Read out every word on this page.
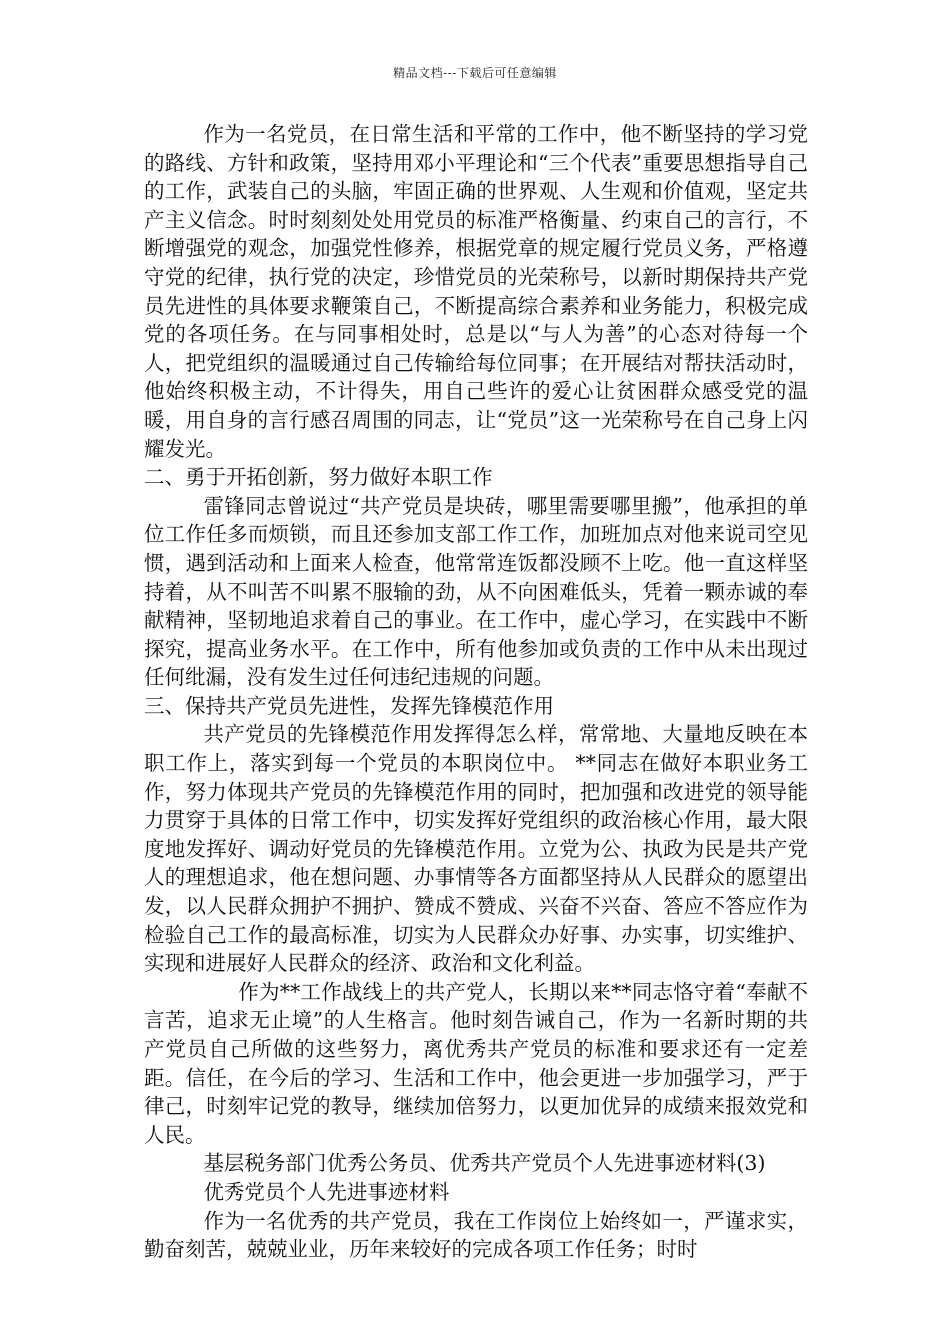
精品文档---下载后可任意编辑

作为一名党员，在日常生活和平常的工作中，他不断坚持的学习党的路线、方针和政策，坚持用邓小平理论和“三个代表”重要思想指导自己的工作，武装自己的头脑，牢固正确的世界观、人生观和价值观，坚定共产主义信念。时时刻刻处处用党员的标准严格衡量、约束自己的言行，不断增强党的观念，加强党性修养，根据党章的规定履行党员义务，严格遵守党的纪律，执行党的决定，珍惜党员的光荣称号，以新时期保持共产党员先进性的具体要求鞭策自己，不断提高综合素养和业务能力，积极完成党的各项任务。在与同事相处时，总是以“与人为善”的心态对待每一个人，把党组织的温暖通过自己传输给每位同事；在开展结对帮扶活动时，他始终积极主动，不计得失，用自己些许的爱心让贫困群众感受党的温暖，用自身的言行感召周围的同志，让“党员”这一光荣称号在自己身上闪耀发光。

二、勇于开拓创新，努力做好本职工作

雷锋同志曾说过“共产党员是块砖，哪里需要哪里搬”，他承担的单位工作任多而烦锁，而且还参加支部工作工作，加班加点对他来说司空见惯，遇到活动和上面来人检查，他常常连饭都没顾不上吃。他一直这样坚持着，从不叫苦不叫累不服输的劲，从不向困难低头，凭着一颗赤诚的奉献精神，坚韧地追求着自己的事业。在工作中，虚心学习，在实践中不断探究，提高业务水平。在工作中，所有他参加或负责的工作中从未出现过任何纰漏，没有发生过任何违纪违规的问题。

三、保持共产党员先进性，发挥先锋模范作用

共产党员的先锋模范作用发挥得怎么样，常常地、大量地反映在本职工作上，落实到每一个党员的本职岗位中。 **同志在做好本职业务工作，努力体现共产党员的先锋模范作用的同时，把加强和改进党的领导能力贯穿于具体的日常工作中，切实发挥好党组织的政治核心作用，最大限度地发挥好、调动好党员的先锋模范作用。立党为公、执政为民是共产党人的理想追求，他在想问题、办事情等各方面都坚持从人民群众的愿望出发，以人民群众拥护不拥护、赞成不赞成、兴奋不兴奋、答应不答应作为检验自己工作的最高标准，切实为人民群众办好事、办实事，切实维护、实现和进展好人民群众的经济、政治和文化利益。

作为**工作战线上的共产党人，长期以来**同志恪守着“奉献不言苦，追求无止境”的人生格言。他时刻告诫自己，作为一名新时期的共产党员自己所做的这些努力，离优秀共产党员的标准和要求还有一定差距。信任，在今后的学习、生活和工作中，他会更进一步加强学习，严于律己，时刻牢记党的教导，继续加倍努力，以更加优异的成绩来报效党和人民。

基层税务部门优秀公务员、优秀共产党员个人先进事迹材料(3)

优秀党员个人先进事迹材料

作为一名优秀的共产党员，我在工作岗位上始终如一，严谨求实，勤奋刻苦，兢兢业业，历年来较好的完成各项工作任务；时时
